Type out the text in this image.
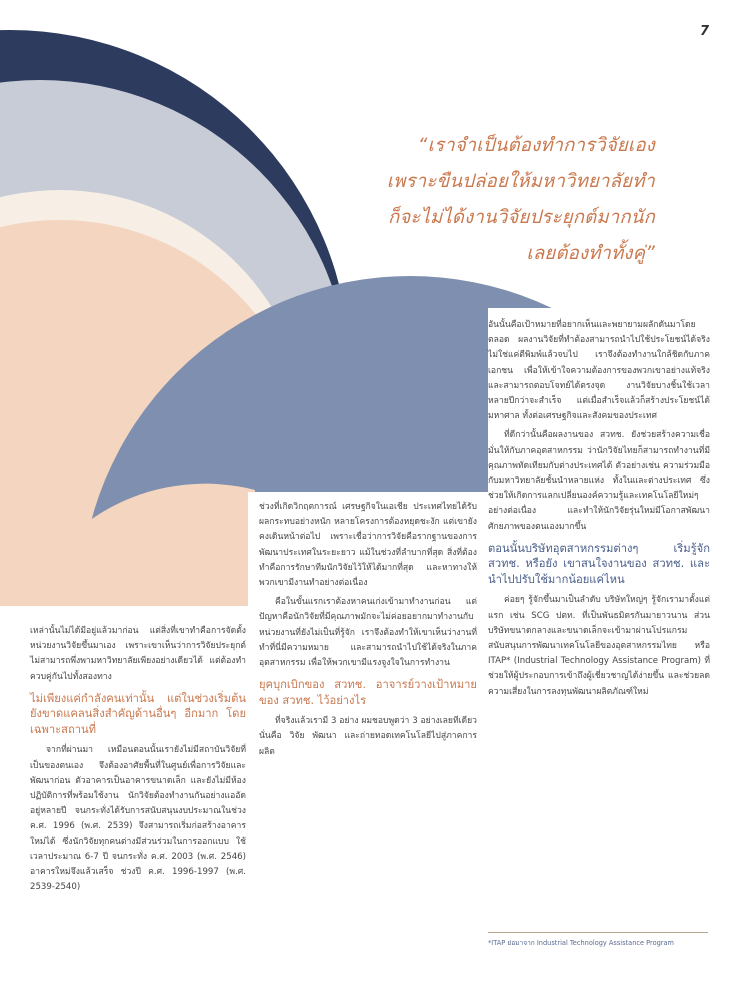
7
“เราจำเป็นต้องทำการวิจัยเอง
เพราะขืนปล่อยให้มหาวิทยาลัยทำ
ก็จะไม่ได้งานวิจัยประยุกต์มากนัก
เลยต้องทำทั้งคู่”

เหล่านั้นไม่ได้มีอยู่แล้วมาก่อน แต่สิ่งที่เขาทำคือการจัดตั้งหน่วยงานวิจัยขึ้นมาเอง เพราะเขาเห็นว่าการวิจัยประยุกต์ไม่สามารถพึ่งพามหาวิทยาลัยเพียงอย่างเดียวได้ แต่ต้องทำควบคู่กันไปทั้งสองทาง

ไม่เพียงแค่กำลังคนเท่านั้น แต่ในช่วงเริ่มต้นยังขาดแคลนสิ่งสำคัญด้านอื่นๆ อีกมาก โดยเฉพาะสถานที่

จากที่ผ่านมา เหมือนตอนนั้นเรายังไม่มีสถาบันวิจัยที่เป็นของตนเอง จึงต้องอาศัยพื้นที่ในศูนย์เพื่อการวิจัยและพัฒนาก่อน ตัวอาคารเป็นอาคารขนาดเล็ก และยังไม่มีห้องปฏิบัติการที่พร้อมใช้งาน นักวิจัยต้องทำงานกันอย่างแออัดอยู่หลายปี จนกระทั่งได้รับการสนับสนุนงบประมาณในช่วง ค.ศ. 1996 (พ.ศ. 2539) จึงสามารถเริ่มก่อสร้างอาคารใหม่ได้ ซึ่งนักวิจัยทุกคนต่างมีส่วนร่วมในการออกแบบ ใช้เวลาประมาณ 6-7 ปี จนกระทั่ง ค.ศ. 2003 (พ.ศ. 2546) อาคารใหม่จึงแล้วเสร็จ ช่วงปี ค.ศ. 1996-1997 (พ.ศ. 2539-2540)

ช่วงที่เกิดวิกฤตการณ์ เศรษฐกิจในเอเชีย ประเทศไทยได้รับผลกระทบอย่างหนัก หลายโครงการต้องหยุดชะงัก แต่เขายังคงเดินหน้าต่อไป เพราะเชื่อว่าการวิจัยคือรากฐานของการพัฒนาประเทศในระยะยาว แม้ในช่วงที่ลำบากที่สุด สิ่งที่ต้องทำคือการรักษาทีมนักวิจัยไว้ให้ได้มากที่สุด และหาทางให้พวกเขามีงานทำอย่างต่อเนื่อง

คือในขั้นแรกเราต้องหาคนเก่งเข้ามาทำงานก่อน แต่ปัญหาคือนักวิจัยที่มีคุณภาพมักจะไม่ค่อยอยากมาทำงานกับหน่วยงานที่ยังไม่เป็นที่รู้จัก เราจึงต้องทำให้เขาเห็นว่างานที่ทำที่นี่มีความหมาย และสามารถนำไปใช้ได้จริงในภาคอุตสาหกรรม เพื่อให้พวกเขามีแรงจูงใจในการทำงาน

ยุคบุกเบิกของ สวทช. อาจารย์วางเป้าหมายของ สวทช. ไว้อย่างไร

ที่จริงแล้วเรามี 3 อย่าง ผมชอบพูดว่า 3 อย่างเลยทีเดียว นั่นคือ วิจัย พัฒนา และถ่ายทอดเทคโนโลยีไปสู่ภาคการผลิต

อันนั้นคือเป้าหมายที่อยากเห็นและพยายามผลักดันมาโดยตลอด ผลงานวิจัยที่ทำต้องสามารถนำไปใช้ประโยชน์ได้จริง ไม่ใช่แค่ตีพิมพ์แล้วจบไป เราจึงต้องทำงานใกล้ชิดกับภาคเอกชน เพื่อให้เข้าใจความต้องการของพวกเขาอย่างแท้จริง และสามารถตอบโจทย์ได้ตรงจุด งานวิจัยบางชิ้นใช้เวลาหลายปีกว่าจะสำเร็จ แต่เมื่อสำเร็จแล้วก็สร้างประโยชน์ได้มหาศาล ทั้งต่อเศรษฐกิจและสังคมของประเทศ

ที่ดีกว่านั้นคือผลงานของ สวทช. ยังช่วยสร้างความเชื่อมั่นให้กับภาคอุตสาหกรรม ว่านักวิจัยไทยก็สามารถทำงานที่มีคุณภาพทัดเทียมกับต่างประเทศได้ ตัวอย่างเช่น ความร่วมมือกับมหาวิทยาลัยชั้นนำหลายแห่ง ทั้งในและต่างประเทศ ซึ่งช่วยให้เกิดการแลกเปลี่ยนองค์ความรู้และเทคโนโลยีใหม่ๆ อย่างต่อเนื่อง และทำให้นักวิจัยรุ่นใหม่มีโอกาสพัฒนาศักยภาพของตนเองมากขึ้น

ตอนนั้นบริษัทอุตสาหกรรมต่างๆ เริ่มรู้จัก สวทช. หรือยัง เขาสนใจงานของ สวทช. และนำไปปรับใช้มากน้อยแค่ไหน

ค่อยๆ รู้จักขึ้นมาเป็นลำดับ บริษัทใหญ่ๆ รู้จักเรามาตั้งแต่แรก เช่น SCG ปตท. ที่เป็นพันธมิตรกันมายาวนาน ส่วนบริษัทขนาดกลางและขนาดเล็กจะเข้ามาผ่านโปรแกรมสนับสนุนการพัฒนาเทคโนโลยีของอุตสาหกรรมไทย หรือ ITAP* (Industrial Technology Assistance Program) ที่ช่วยให้ผู้ประกอบการเข้าถึงผู้เชี่ยวชาญได้ง่ายขึ้น และช่วยลดความเสี่ยงในการลงทุนพัฒนาผลิตภัณฑ์ใหม่

*ITAP ย่อมาจาก Industrial Technology Assistance Program
